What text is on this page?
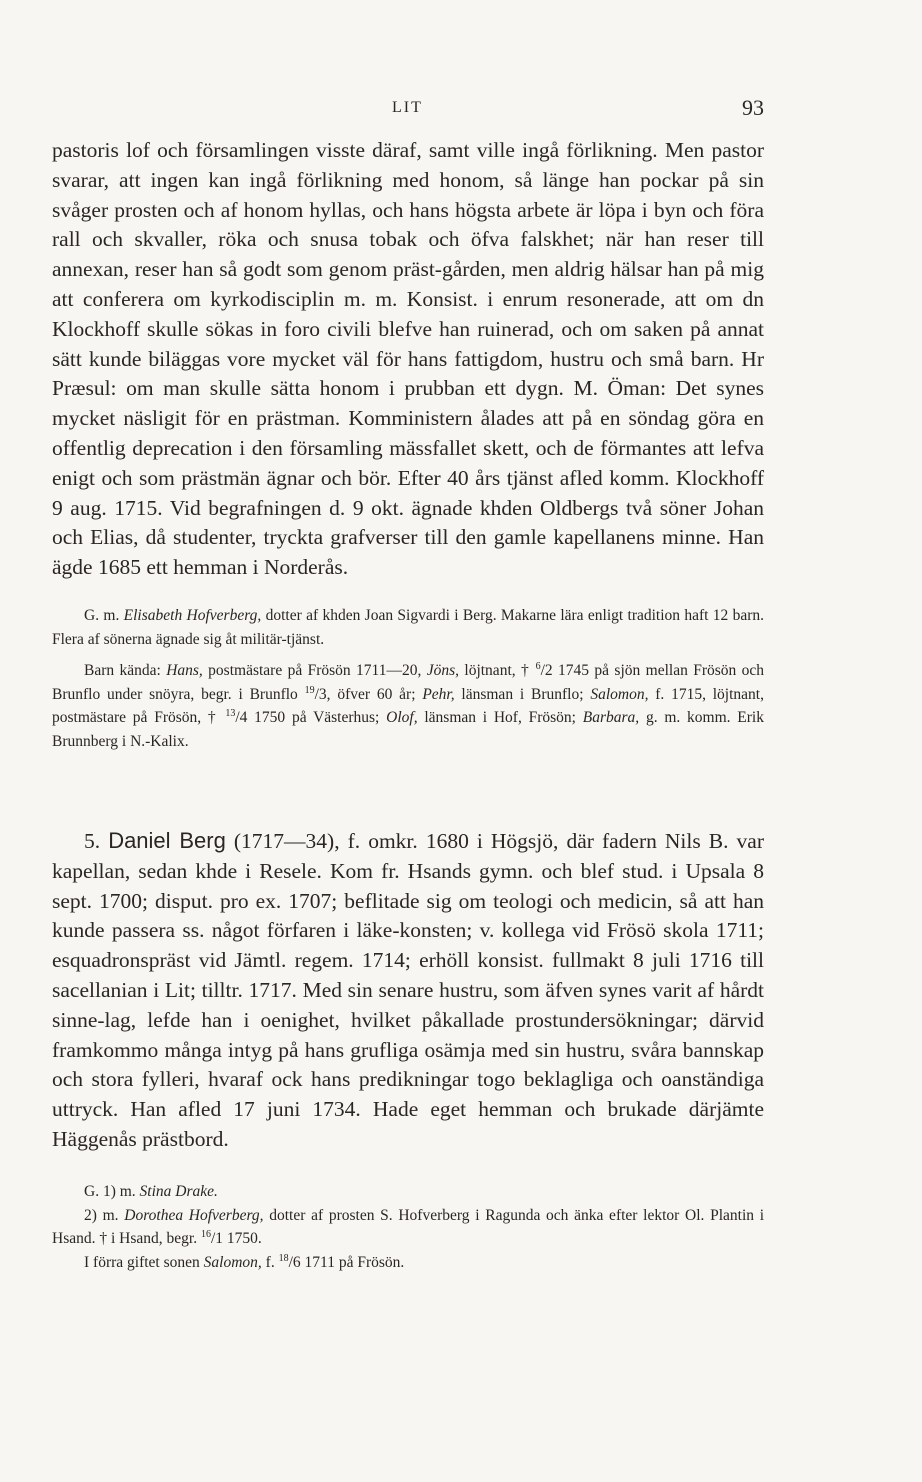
LIT	93

pastoris lof och församlingen visste däraf, samt ville ingå förlikning. Men pastor svarar, att ingen kan ingå förlikning med honom, så länge han pockar på sin svåger prosten och af honom hyllas, och hans högsta arbete är löpa i byn och föra rall och skvaller, röka och snusa tobak och öfva falskhet; när han reser till annexan, reser han så godt som genom präst-gården, men aldrig hälsar han på mig att conferera om kyrkodisciplin m. m. Konsist. i enrum resonerade, att om dn Klockhoff skulle sökas in foro civili blefve han ruinerad, och om saken på annat sätt kunde biläggas vore mycket väl för hans fattigdom, hustru och små barn. Hr Præsul: om man skulle sätta honom i prubban ett dygn. M. Öman: Det synes mycket näsligit för en prästman. Komministern ålades att på en söndag göra en offentlig deprecation i den församling mässfallet skett, och de förmantes att lefva enigt och som prästmän ägnar och bör. Efter 40 års tjänst afled komm. Klockhoff 9 aug. 1715. Vid begrafningen d. 9 okt. ägnade khden Oldbergs två söner Johan och Elias, då studenter, tryckta grafverser till den gamle kapellanens minne. Han ägde 1685 ett hemman i Norderås.

G. m. Elisabeth Hofverberg, dotter af khden Joan Sigvardi i Berg. Makarne lära enligt tradition haft 12 barn. Flera af sönerna ägnade sig åt militär-tjänst.

Barn kända: Hans, postmästare på Frösön 1711—20, Jöns, löjtnant, † $^6$/2 1745 på sjön mellan Frösön och Brunflo under snöyra, begr. i Brunflo $^{19}$/3, öfver 60 år; Pehr, länsman i Brunflo; Salomon, f. 1715, löjtnant, postmästare på Frösön, † $^{13}$/4 1750 på Västerhus; Olof, länsman i Hof, Frösön; Barbara, g. m. komm. Erik Brunnberg i N.-Kalix.

5. Daniel Berg (1717—34), f. omkr. 1680 i Högsjö, där fadern Nils B. var kapellan, sedan khde i Resele. Kom fr. Hsands gymn. och blef stud. i Upsala 8 sept. 1700; disput. pro ex. 1707; beflitade sig om teologi och medicin, så att han kunde passera ss. något förfaren i läke-konsten; v. kollega vid Frösö skola 1711; esquadronspräst vid Jämtl. regem. 1714; erhöll konsist. fullmakt 8 juli 1716 till sacellanian i Lit; tilltr. 1717. Med sin senare hustru, som äfven synes varit af hårdt sinne-lag, lefde han i oenighet, hvilket påkallade prostundersökningar; därvid framkommo många intyg på hans grufliga osämja med sin hustru, svåra bannskap och stora fylleri, hvaraf ock hans predikningar togo beklagliga och oanständiga uttryck. Han afled 17 juni 1734. Hade eget hemman och brukade därjämte Häggenås prästbord.

G. 1) m. Stina Drake.

2) m. Dorothea Hofverberg, dotter af prosten S. Hofverberg i Ragunda och änka efter lektor Ol. Plantin i Hsand. † i Hsand, begr. $^{16}$/1 1750.

I förra giftet sonen Salomon, f. $^{18}$/6 1711 på Frösön.
